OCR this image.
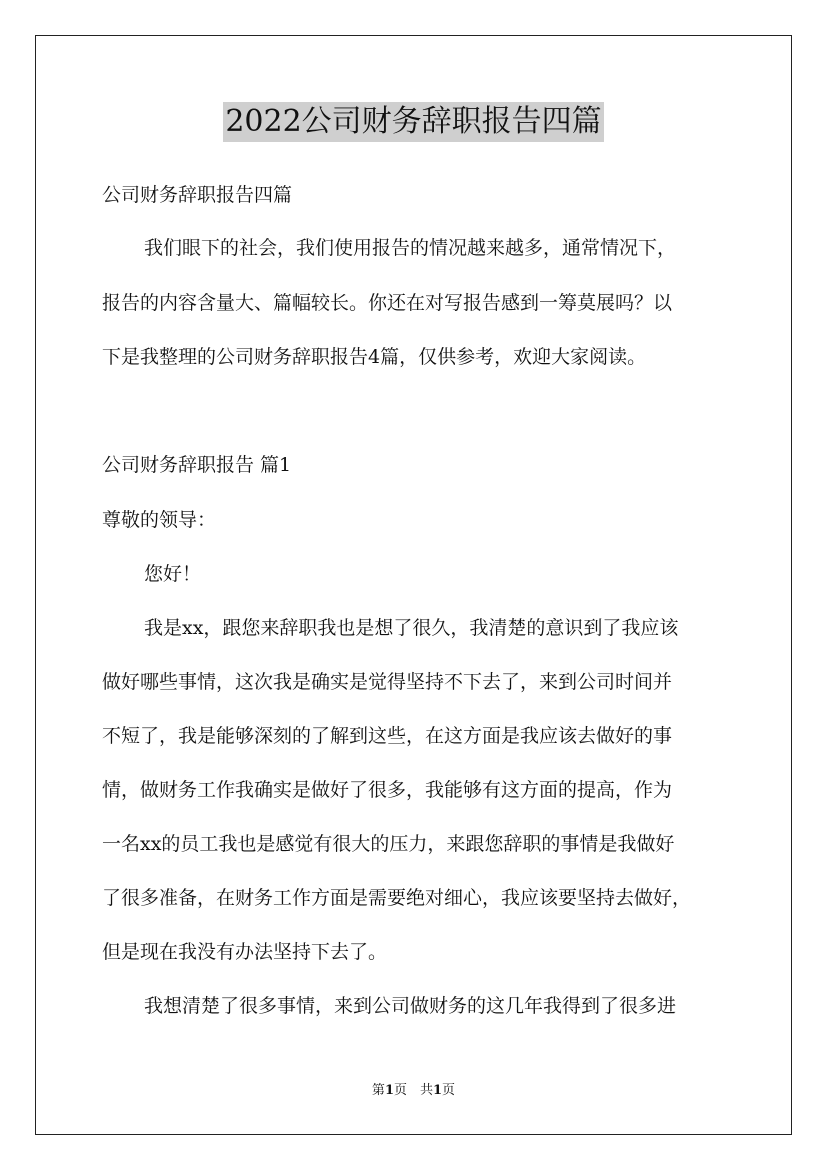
2022公司财务辞职报告四篇
公司财务辞职报告四篇
我们眼下的社会，我们使用报告的情况越来越多，通常情况下，
报告的内容含量大、篇幅较长。你还在对写报告感到一筹莫展吗？以
下是我整理的公司财务辞职报告4篇，仅供参考，欢迎大家阅读。
公司财务辞职报告 篇1
尊敬的领导：
您好！
我是xx，跟您来辞职我也是想了很久，我清楚的意识到了我应该
做好哪些事情，这次我是确实是觉得坚持不下去了，来到公司时间并
不短了，我是能够深刻的了解到这些，在这方面是我应该去做好的事
情，做财务工作我确实是做好了很多，我能够有这方面的提高，作为
一名xx的员工我也是感觉有很大的压力，来跟您辞职的事情是我做好
了很多准备，在财务工作方面是需要绝对细心，我应该要坚持去做好，
但是现在我没有办法坚持下去了。
我想清楚了很多事情，来到公司做财务的这几年我得到了很多进
第1页　共1页
